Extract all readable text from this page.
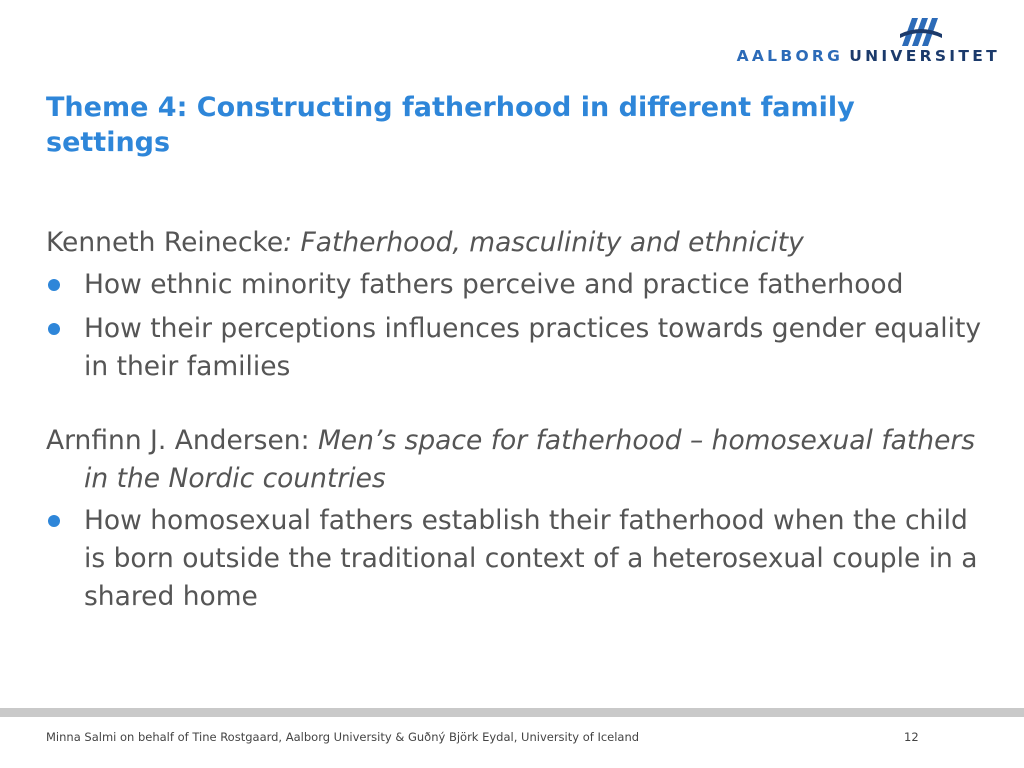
AALBORG UNIVERSITET
Theme 4: Constructing fatherhood in different family settings

Kenneth Reinecke: Fatherhood, masculinity and ethnicity

How ethnic minority fathers perceive and practice fatherhood
How their perceptions influences practices towards gender equality in their families

Arnfinn J. Andersen: Men’s space for fatherhood – homosexual fathers in the Nordic countries

How homosexual fathers establish their fatherhood when the child is born outside the traditional context of a heterosexual couple in a shared home
Minna Salmi on behalf of Tine Rostgaard, Aalborg University & Guðný Björk Eydal, University of Iceland	12
